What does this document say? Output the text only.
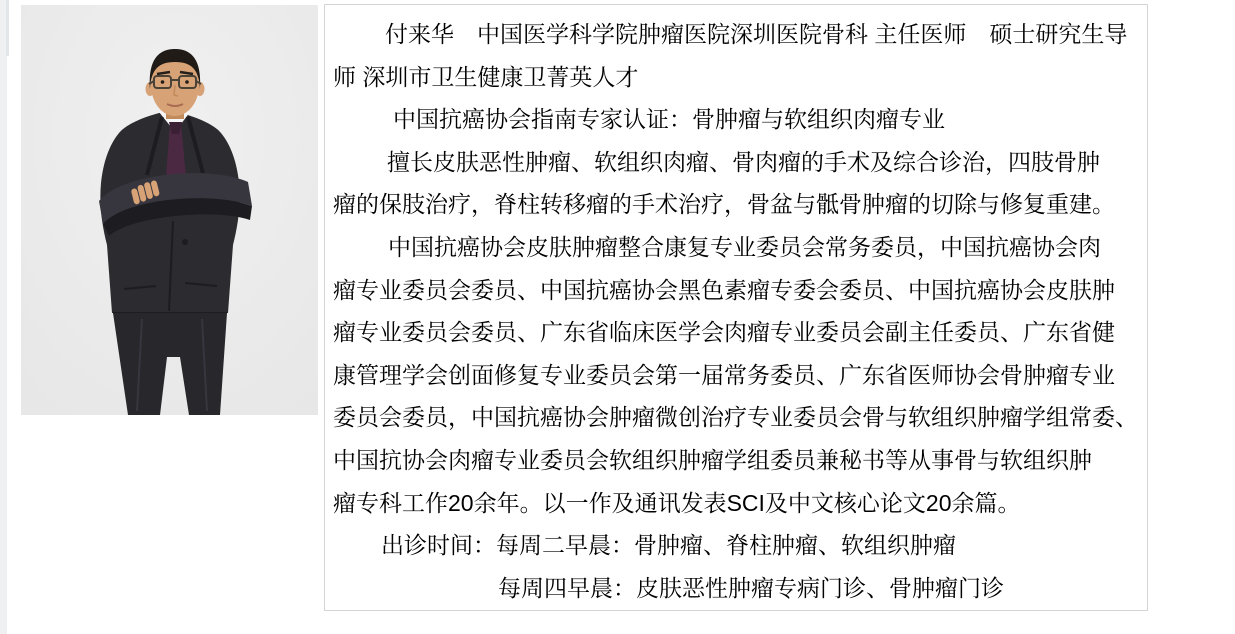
付来华　中国医学科学院肿瘤医院深圳医院骨科 主任医师　硕士研究生导
师 深圳市卫生健康卫菁英人才
中国抗癌协会指南专家认证：骨肿瘤与软组织肉瘤专业
擅长皮肤恶性肿瘤、软组织肉瘤、骨肉瘤的手术及综合诊治，四肢骨肿
瘤的保肢治疗，脊柱转移瘤的手术治疗，骨盆与骶骨肿瘤的切除与修复重建。
中国抗癌协会皮肤肿瘤整合康复专业委员会常务委员，中国抗癌协会肉
瘤专业委员会委员、中国抗癌协会黑色素瘤专委会委员、中国抗癌协会皮肤肿
瘤专业委员会委员、广东省临床医学会肉瘤专业委员会副主任委员、广东省健
康管理学会创面修复专业委员会第一届常务委员、广东省医师协会骨肿瘤专业
委员会委员，中国抗癌协会肿瘤微创治疗专业委员会骨与软组织肿瘤学组常委、
中国抗协会肉瘤专业委员会软组织肿瘤学组委员兼秘书等从事骨与软组织肿
瘤专科工作20余年。以一作及通讯发表SCI及中文核心论文20余篇。
出诊时间：每周二早晨：骨肿瘤、脊柱肿瘤、软组织肿瘤
每周四早晨：皮肤恶性肿瘤专病门诊、骨肿瘤门诊
